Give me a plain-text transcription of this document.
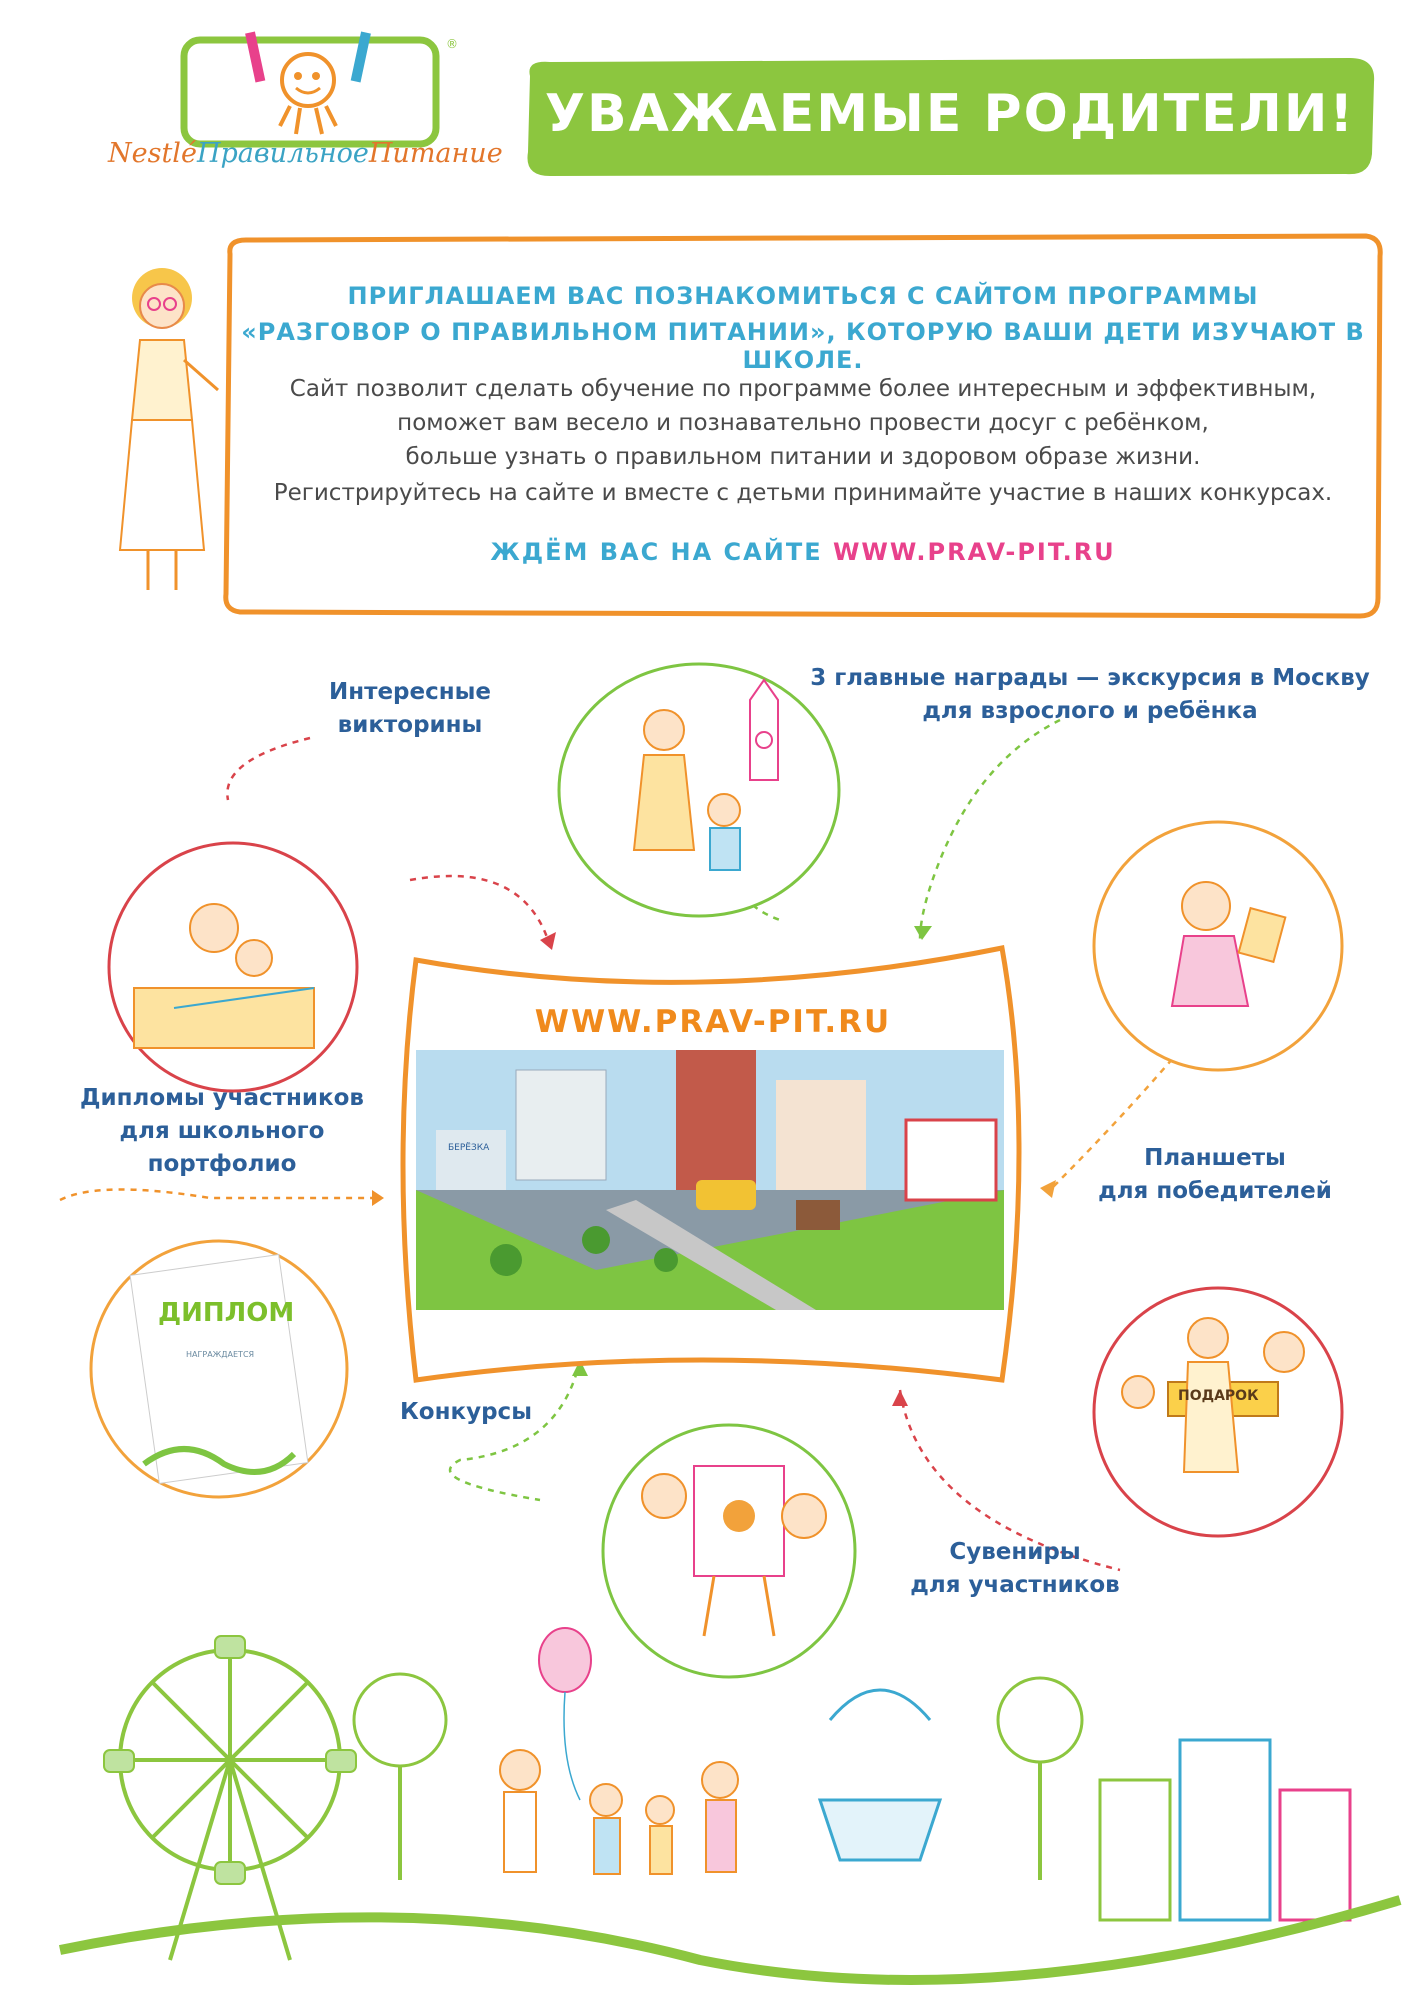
®
NestléПравильноеПитание
УВАЖАЕМЫЕ РОДИТЕЛИ!
ПРИГЛАШАЕМ ВАС ПОЗНАКОМИТЬСЯ С САЙТОМ ПРОГРАММЫ
«РАЗГОВОР О ПРАВИЛЬНОМ ПИТАНИИ», КОТОРУЮ ВАШИ ДЕТИ ИЗУЧАЮТ В ШКОЛЕ.
Сайт позволит сделать обучение по программе более интересным и эффективным,
поможет вам весело и познавательно провести досуг с ребёнком,
больше узнать о правильном питании и здоровом образе жизни.
Регистрируйтесь на сайте и вместе с детьми принимайте участие в наших конкурсах.
ЖДЁМ ВАС НА САЙТЕ WWW.PRAV-PIT.RU
ДИПЛОМ
НАГРАЖДАЕТСЯ
ПОДАРОК
БЕРЁЗКА
WWW.PRAV-PIT.RU
Интересные
викторины
3 главные награды — экскурсия в Москву
для взрослого и ребёнка
Дипломы участников
для школьного
портфолио	Планшеты
для победителей
Конкурсы
Сувениры
для участников
